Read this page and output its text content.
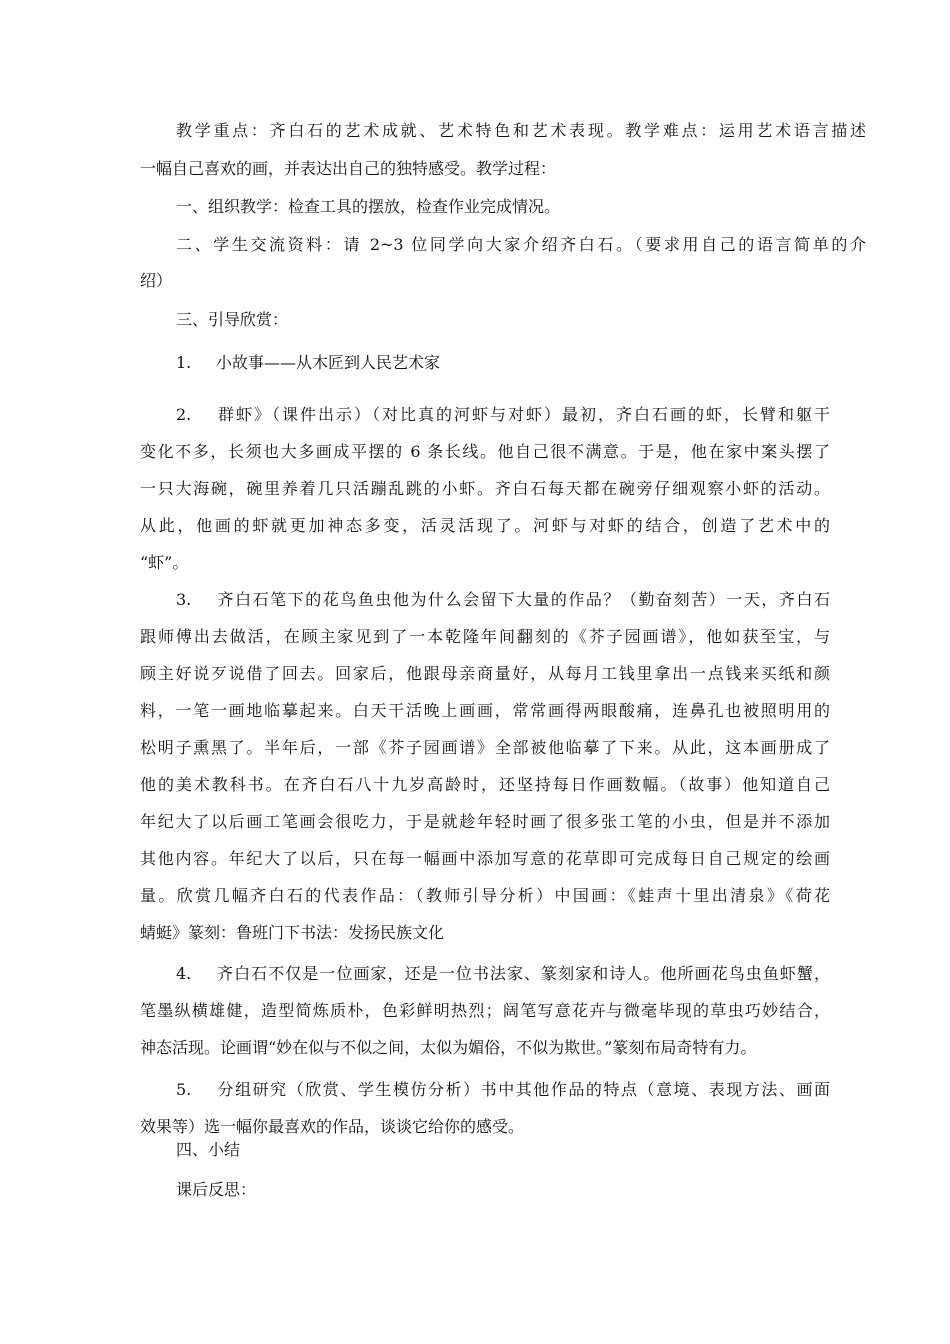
教学重点：齐白石的艺术成就、艺术特色和艺术表现。教学难点：运用艺术语言描述
一幅自己喜欢的画，并表达出自己的独特感受。教学过程：
一、组织教学：检查工具的摆放，检查作业完成情况。
二、学生交流资料：请 2~3 位同学向大家介绍齐白石。（要求用自己的语言简单的介
绍）
三、引导欣赏：
1. 小故事——从木匠到人民艺术家
2. 群虾》（课件出示）（对比真的河虾与对虾）最初，齐白石画的虾，长臂和躯干
变化不多，长须也大多画成平摆的 6 条长线。他自己很不满意。于是，他在家中案头摆了
一只大海碗，碗里养着几只活蹦乱跳的小虾。齐白石每天都在碗旁仔细观察小虾的活动。
从此，他画的虾就更加神态多变，活灵活现了。河虾与对虾的结合，创造了艺术中的
“虾”。
3. 齐白石笔下的花鸟鱼虫他为什么会留下大量的作品？（勤奋刻苦）一天，齐白石
跟师傅出去做活，在顾主家见到了一本乾隆年间翻刻的《芥子园画谱》，他如获至宝，与
顾主好说歹说借了回去。回家后，他跟母亲商量好，从每月工钱里拿出一点钱来买纸和颜
料，一笔一画地临摹起来。白天干活晚上画画，常常画得两眼酸痛，连鼻孔也被照明用的
松明子熏黑了。半年后，一部《芥子园画谱》全部被他临摹了下来。从此，这本画册成了
他的美术教科书。在齐白石八十九岁高龄时，还坚持每日作画数幅。（故事）他知道自己
年纪大了以后画工笔画会很吃力，于是就趁年轻时画了很多张工笔的小虫，但是并不添加
其他内容。年纪大了以后，只在每一幅画中添加写意的花草即可完成每日自己规定的绘画
量。欣赏几幅齐白石的代表作品：（教师引导分析）中国画：《蛙声十里出清泉》《荷花
蜻蜓》篆刻：鲁班门下书法：发扬民族文化
4. 齐白石不仅是一位画家，还是一位书法家、篆刻家和诗人。他所画花鸟虫鱼虾蟹，
笔墨纵横雄健，造型简炼质朴，色彩鲜明热烈；阔笔写意花卉与微毫毕现的草虫巧妙结合，
神态活现。论画谓“妙在似与不似之间，太似为媚俗，不似为欺世。”篆刻布局奇特有力。
5. 分组研究（欣赏、学生模仿分析）书中其他作品的特点（意境、表现方法、画面
效果等）选一幅你最喜欢的作品，谈谈它给你的感受。
四、小结
课后反思：
